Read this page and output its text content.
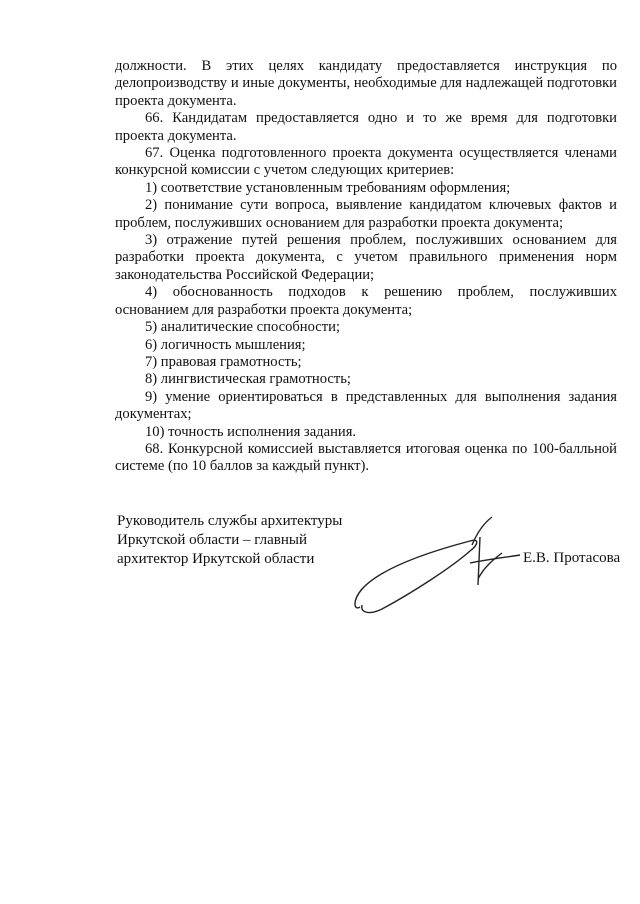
должности. В этих целях кандидату предоставляется инструкция по делопроизводству и иные документы, необходимые для надлежащей подготовки проекта документа.

66. Кандидатам предоставляется одно и то же время для подготовки проекта документа.

67. Оценка подготовленного проекта документа осуществляется членами конкурсной комиссии с учетом следующих критериев:

1) соответствие установленным требованиям оформления;

2) понимание сути вопроса, выявление кандидатом ключевых фактов и проблем, послуживших основанием для разработки проекта документа;

3) отражение путей решения проблем, послуживших основанием для разработки проекта документа, с учетом правильного применения норм законодательства Российской Федерации;

4) обоснованность подходов к решению проблем, послуживших основанием для разработки проекта документа;

5) аналитические способности;

6) логичность мышления;

7) правовая грамотность;

8) лингвистическая грамотность;

9) умение ориентироваться в представленных для выполнения задания документах;

10) точность исполнения задания.

68. Конкурсной комиссией выставляется итоговая оценка по 100-балльной системе (по 10 баллов за каждый пункт).

Руководитель службы архитектуры
Иркутской области – главный
архитектор Иркутской области	Е.В. Протасова
